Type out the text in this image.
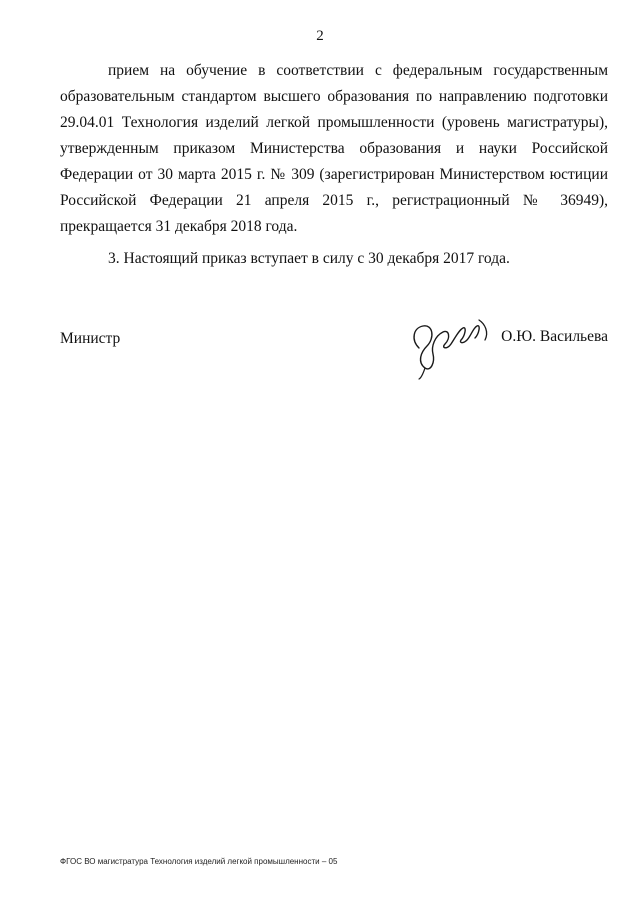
2

прием на обучение в соответствии с федеральным государственным образовательным стандартом высшего образования по направлению подготовки 29.04.01 Технология изделий легкой промышленности (уровень магистратуры), утвержденным приказом Министерства образования и науки Российской Федерации от 30 марта 2015 г. № 309 (зарегистрирован Министерством юстиции Российской Федерации 21 апреля 2015 г., регистрационный № 36949), прекращается 31 декабря 2018 года.

3. Настоящий приказ вступает в силу с 30 декабря 2017 года.

Министр	О.Ю. Васильева
ФГОС ВО магистратура Технология изделий легкой промышленности – 05
